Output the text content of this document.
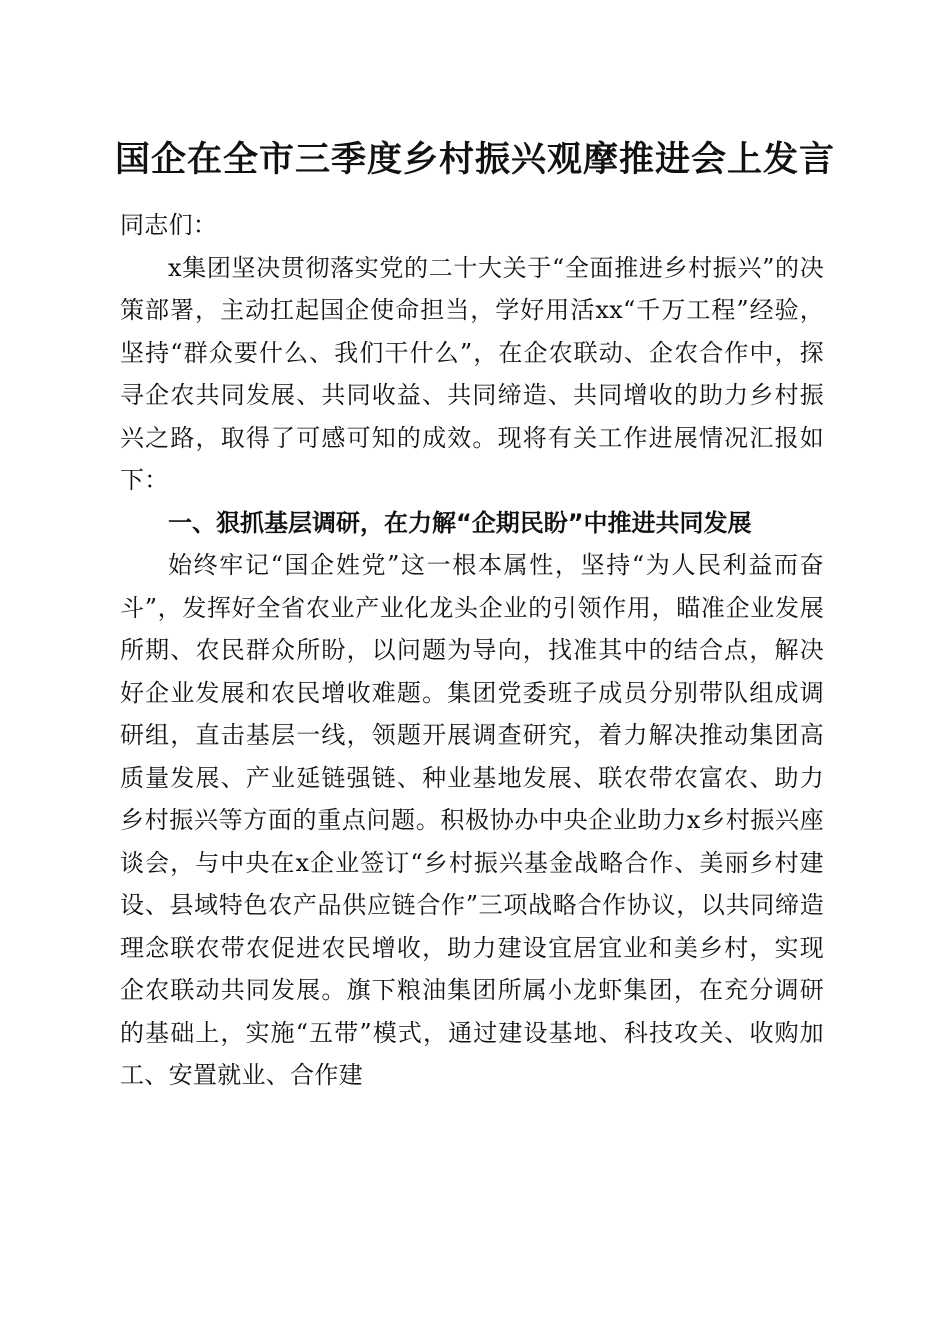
国企在全市三季度乡村振兴观摩推进会上发言

同志们：

x集团坚决贯彻落实党的二十大关于“全面推进乡村振兴”的决策部署，主动扛起国企使命担当，学好用活xx“千万工程”经验，坚持“群众要什么、我们干什么”，在企农联动、企农合作中，探寻企农共同发展、共同收益、共同缔造、共同增收的助力乡村振兴之路，取得了可感可知的成效。现将有关工作进展情况汇报如下：

一、狠抓基层调研，在力解“企期民盼”中推进共同发展

始终牢记“国企姓党”这一根本属性，坚持“为人民利益而奋斗”，发挥好全省农业产业化龙头企业的引领作用，瞄准企业发展所期、农民群众所盼，以问题为导向，找准其中的结合点，解决好企业发展和农民增收难题。集团党委班子成员分别带队组成调研组，直击基层一线，领题开展调查研究，着力解决推动集团高质量发展、产业延链强链、种业基地发展、联农带农富农、助力乡村振兴等方面的重点问题。积极协办中央企业助力x乡村振兴座谈会，与中央在x企业签订“乡村振兴基金战略合作、美丽乡村建设、县域特色农产品供应链合作”三项战略合作协议，以共同缔造理念联农带农促进农民增收，助力建设宜居宜业和美乡村，实现企农联动共同发展。旗下粮油集团所属小龙虾集团，在充分调研的基础上，实施“五带”模式，通过建设基地、科技攻关、收购加工、安置就业、合作建
